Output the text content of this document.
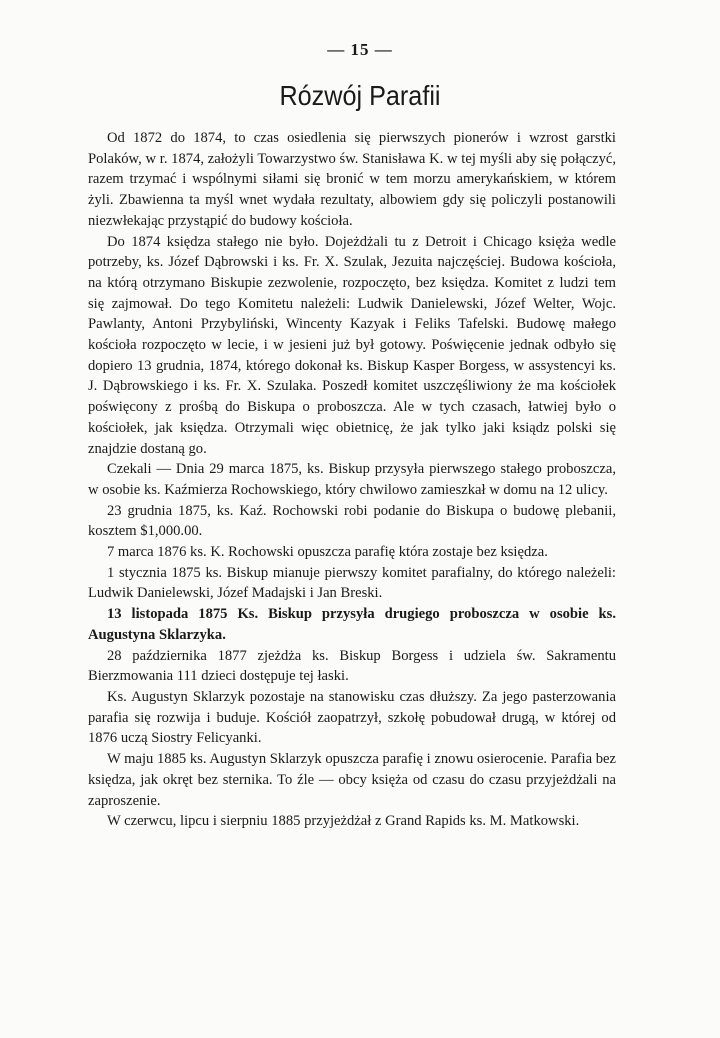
— 15 —
Rózwój Parafii

Od 1872 do 1874, to czas osiedlenia się pierwszych pionerów i wzrost garstki Polaków, w r. 1874, założyli Towarzystwo św. Stanisława K. w tej myśli aby się połączyć, razem trzymać i wspólnymi siłami się bronić w tem morzu amerykańskiem, w którem żyli. Zbawienna ta myśl wnet wydała rezultaty, albowiem gdy się policzyli postanowili niezwłekając przystąpić do budowy kościoła.

Do 1874 księdza stałego nie było. Dojeżdżali tu z Detroit i Chicago księża wedle potrzeby, ks. Józef Dąbrowski i ks. Fr. X. Szulak, Jezuita najczęściej. Budowa kościoła, na którą otrzymano Biskupie zezwolenie, rozpoczęto, bez księdza. Komitet z ludzi tem się zajmował. Do tego Komitetu należeli: Ludwik Danielewski, Józef Welter, Wojc. Pawlanty, Antoni Przybyliński, Wincenty Kazyak i Feliks Tafelski. Budowę małego kościoła rozpoczęto w lecie, i w jesieni już był gotowy. Poświęcenie jednak odbyło się dopiero 13 grudnia, 1874, którego dokonał ks. Biskup Kasper Borgess, w assystencyi ks. J. Dąbrowskiego i ks. Fr. X. Szulaka. Poszedł komitet uszczęśliwiony że ma kościołek poświęcony z prośbą do Biskupa o proboszcza. Ale w tych czasach, łatwiej było o kościołek, jak księdza. Otrzymali więc obietnicę, że jak tylko jaki ksiądz polski się znajdzie dostaną go.

Czekali — Dnia 29 marca 1875, ks. Biskup przysyła pierwszego stałego proboszcza, w osobie ks. Kaźmierza Rochowskiego, który chwilowo zamieszkał w domu na 12 ulicy.

23 grudnia 1875, ks. Kaź. Rochowski robi podanie do Biskupa o budowę plebanii, kosztem $1,000.00.

7 marca 1876 ks. K. Rochowski opuszcza parafię która zostaje bez księdza.

1 stycznia 1875 ks. Biskup mianuje pierwszy komitet parafialny, do którego należeli: Ludwik Danielewski, Józef Madajski i Jan Breski.

13 listopada 1875 Ks. Biskup przysyła drugiego proboszcza w osobie ks. Augustyna Sklarzyka.

28 października 1877 zjeżdża ks. Biskup Borgess i udziela św. Sakramentu Bierzmowania 111 dzieci dostępuje tej łaski.

Ks. Augustyn Sklarzyk pozostaje na stanowisku czas dłuższy. Za jego pasterzowania parafia się rozwija i buduje. Kościół zaopatrzył, szkołę pobudował drugą, w której od 1876 uczą Siostry Felicyanki.

W maju 1885 ks. Augustyn Sklarzyk opuszcza parafię i znowu osierocenie. Parafia bez księdza, jak okręt bez sternika. To źle — obcy księża od czasu do czasu przyjeżdżali na zaproszenie.

W czerwcu, lipcu i sierpniu 1885 przyjeżdżał z Grand Rapids ks. M. Matkowski.
